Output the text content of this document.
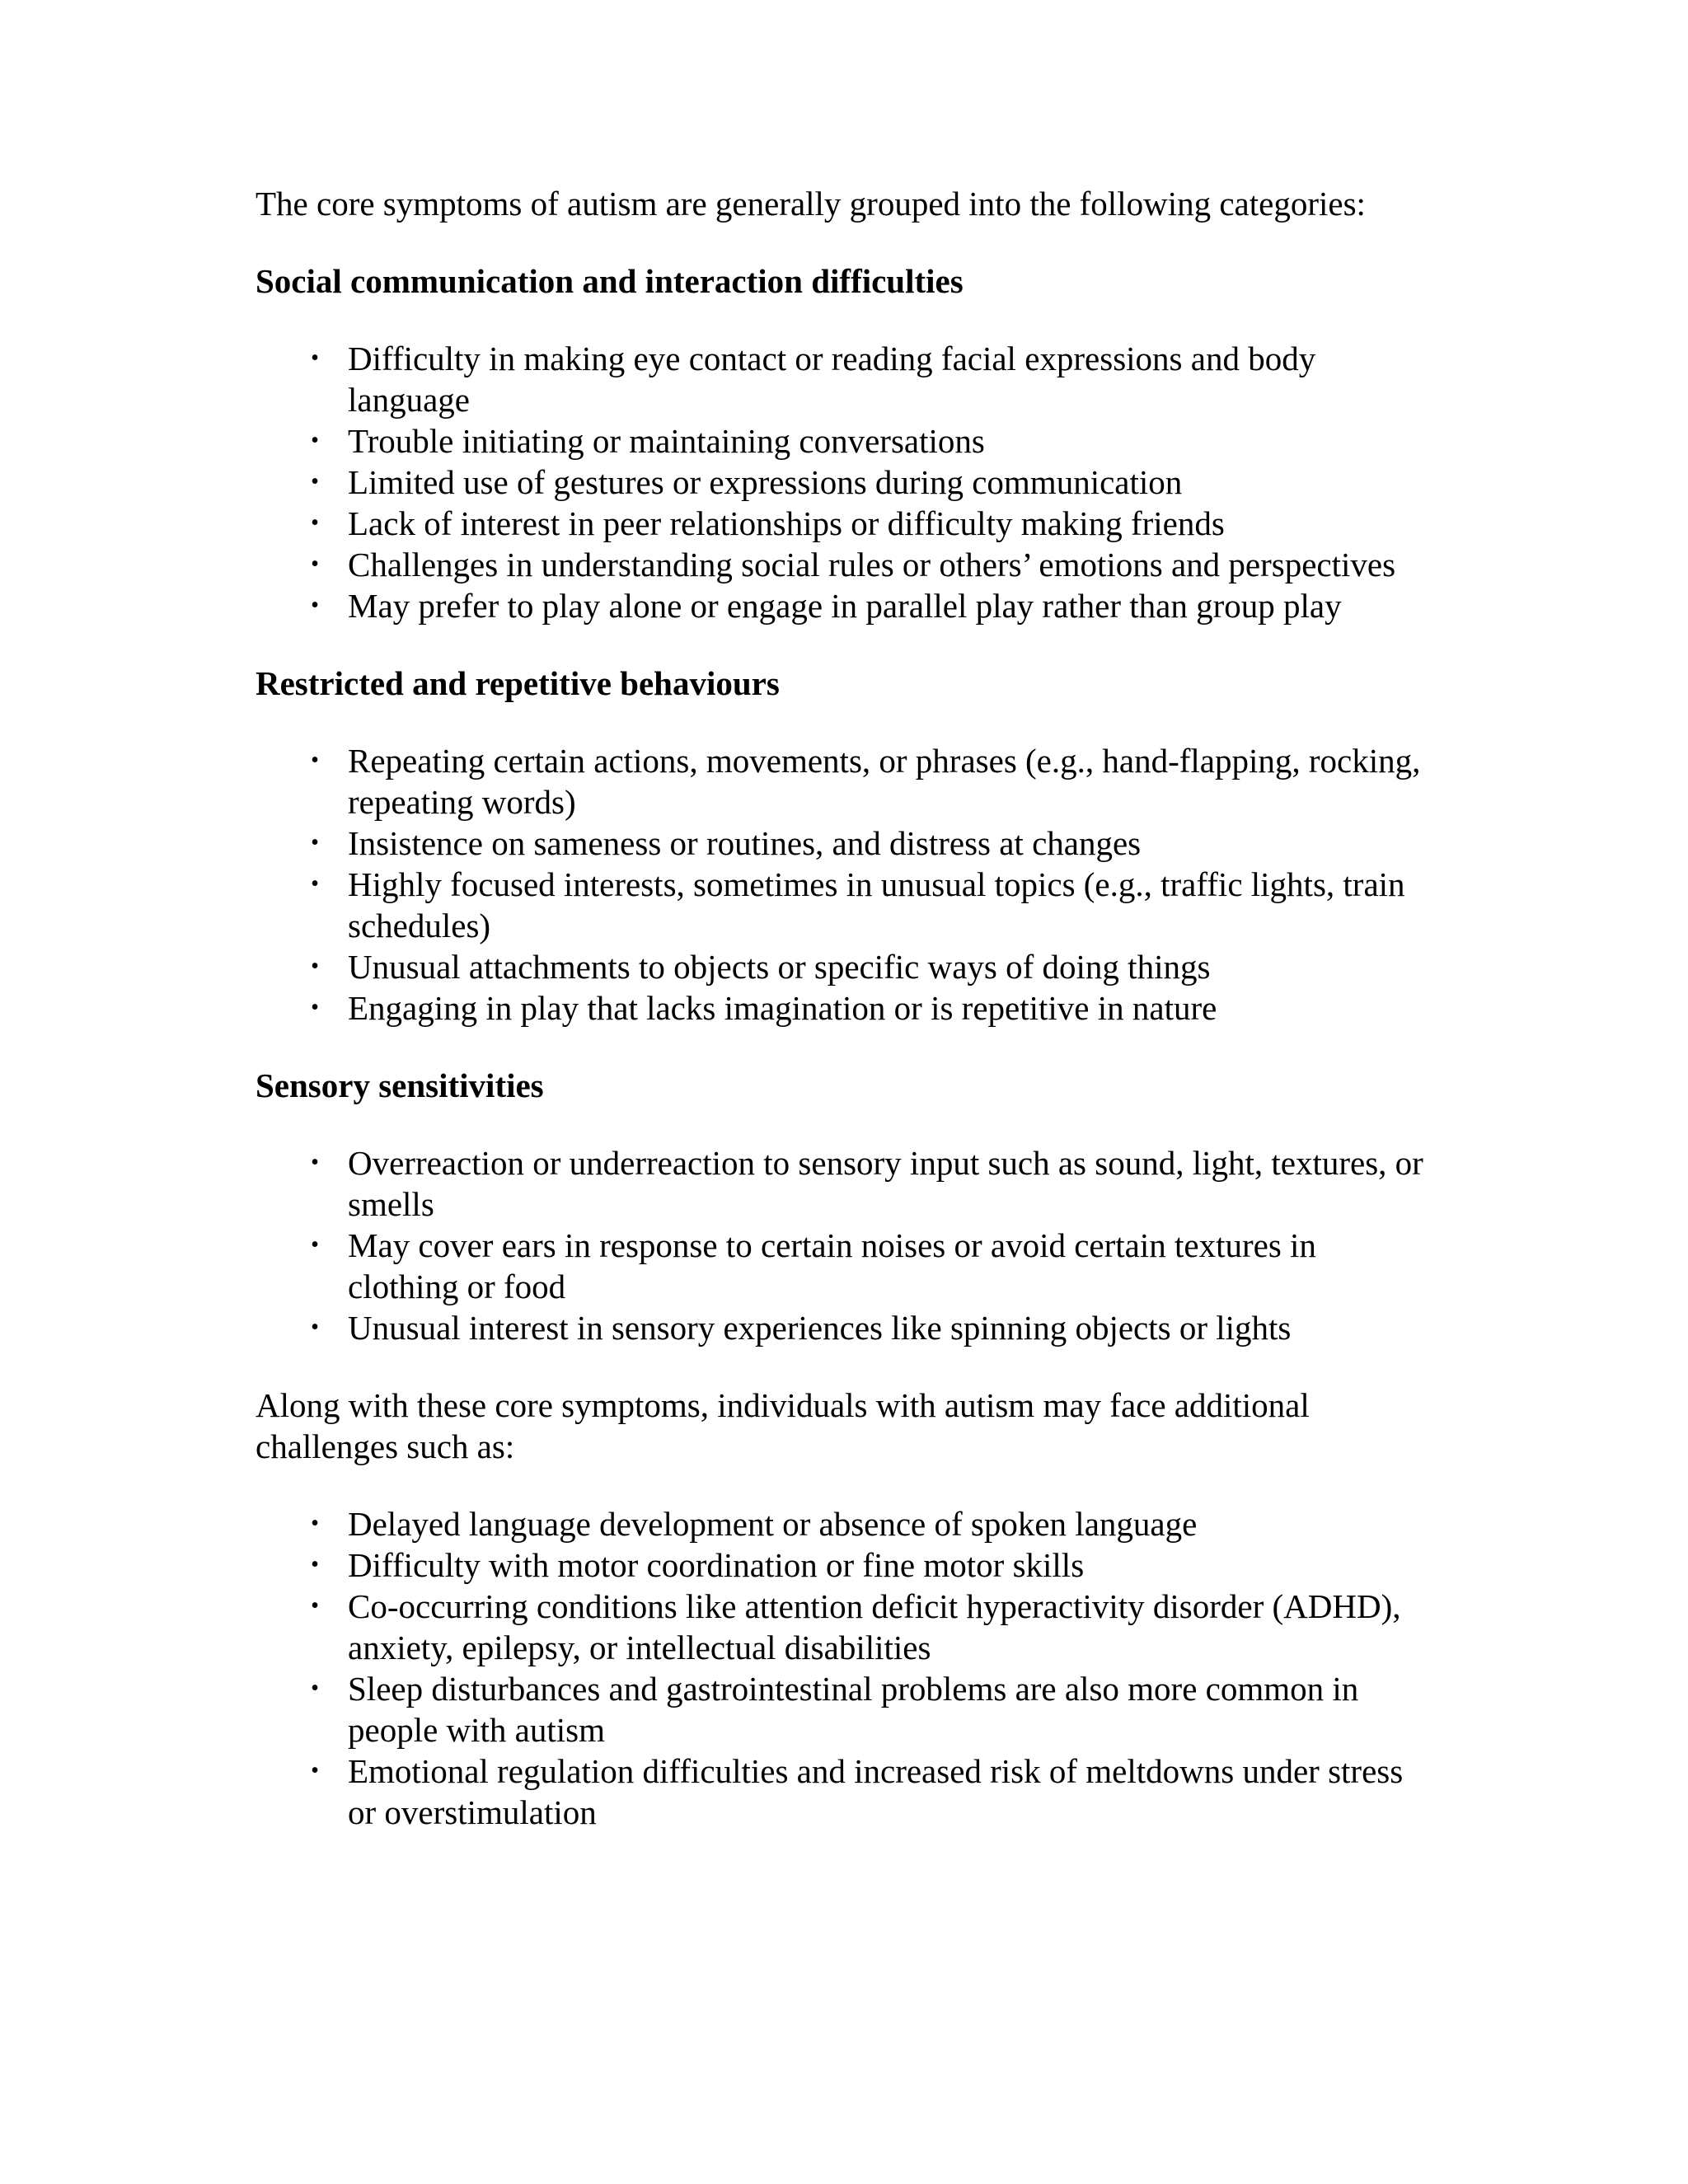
The core symptoms of autism are generally grouped into the following categories:

Social communication and interaction difficulties

• Difficulty in making eye contact or reading facial expressions and body language
• Trouble initiating or maintaining conversations
• Limited use of gestures or expressions during communication
• Lack of interest in peer relationships or difficulty making friends
• Challenges in understanding social rules or others’ emotions and perspectives
• May prefer to play alone or engage in parallel play rather than group play

Restricted and repetitive behaviours

• Repeating certain actions, movements, or phrases (e.g., hand-flapping, rocking, repeating words)
• Insistence on sameness or routines, and distress at changes
• Highly focused interests, sometimes in unusual topics (e.g., traffic lights, train schedules)
• Unusual attachments to objects or specific ways of doing things
• Engaging in play that lacks imagination or is repetitive in nature

Sensory sensitivities

• Overreaction or underreaction to sensory input such as sound, light, textures, or smells
• May cover ears in response to certain noises or avoid certain textures in clothing or food
• Unusual interest in sensory experiences like spinning objects or lights

Along with these core symptoms, individuals with autism may face additional challenges such as:

• Delayed language development or absence of spoken language
• Difficulty with motor coordination or fine motor skills
• Co-occurring conditions like attention deficit hyperactivity disorder (ADHD), anxiety, epilepsy, or intellectual disabilities
• Sleep disturbances and gastrointestinal problems are also more common in people with autism
• Emotional regulation difficulties and increased risk of meltdowns under stress or overstimulation
